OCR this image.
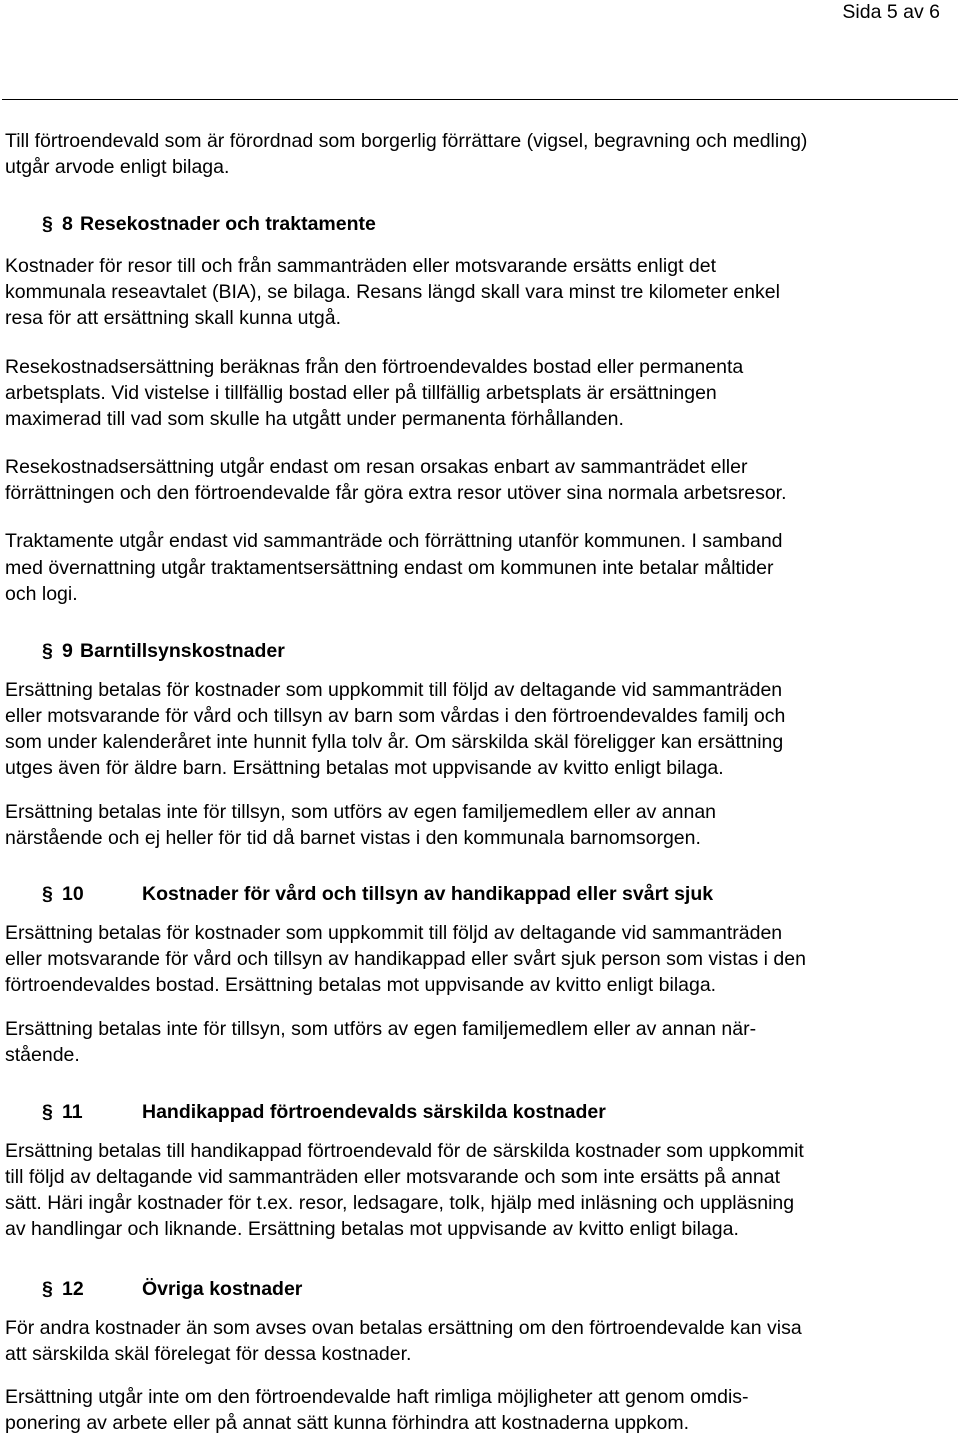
Sida 5 av 6
Till förtroendevald som är förordnad som borgerlig förrättare (vigsel, begravning och medling)
utgår arvode enligt bilaga.
§ 8 Resekostnader och traktamente
Kostnader för resor till och från sammanträden eller motsvarande ersätts enligt det
kommunala reseavtalet (BIA), se bilaga. Resans längd skall vara minst tre kilometer enkel
resa för att ersättning skall kunna utgå.
Resekostnadsersättning beräknas från den förtroendevaldes bostad eller permanenta
arbetsplats. Vid vistelse i tillfällig bostad eller på tillfällig arbetsplats är ersättningen
maximerad till vad som skulle ha utgått under permanenta förhållanden.
Resekostnadsersättning utgår endast om resan orsakas enbart av sammanträdet eller
förrättningen och den förtroendevalde får göra extra resor utöver sina normala arbetsresor.
Traktamente utgår endast vid sammanträde och förrättning utanför kommunen. I samband
med övernattning utgår traktamentsersättning endast om kommunen inte betalar måltider
och logi.
§ 9 Barntillsynskostnader
Ersättning betalas för kostnader som uppkommit till följd av deltagande vid sammanträden
eller motsvarande för vård och tillsyn av barn som vårdas i den förtroendevaldes familj och
som under kalenderåret inte hunnit fylla tolv år. Om särskilda skäl föreligger kan ersättning
utges även för äldre barn. Ersättning betalas mot uppvisande av kvitto enligt bilaga.
Ersättning betalas inte för tillsyn, som utförs av egen familjemedlem eller av annan
närstående och ej heller för tid då barnet vistas i den kommunala barnomsorgen.
§ 10	Kostnader för vård och tillsyn av handikappad eller svårt sjuk
Ersättning betalas för kostnader som uppkommit till följd av deltagande vid sammanträden
eller motsvarande för vård och tillsyn av handikappad eller svårt sjuk person som vistas i den
förtroendevaldes bostad. Ersättning betalas mot uppvisande av kvitto enligt bilaga.
Ersättning betalas inte för tillsyn, som utförs av egen familjemedlem eller av annan när-
stående.
§ 11	Handikappad förtroendevalds särskilda kostnader
Ersättning betalas till handikappad förtroendevald för de särskilda kostnader som uppkommit
till följd av deltagande vid sammanträden eller motsvarande och som inte ersätts på annat
sätt. Häri ingår kostnader för t.ex. resor, ledsagare, tolk, hjälp med inläsning och uppläsning
av handlingar och liknande. Ersättning betalas mot uppvisande av kvitto enligt bilaga.
§ 12	Övriga kostnader
För andra kostnader än som avses ovan betalas ersättning om den förtroendevalde kan visa
att särskilda skäl förelegat för dessa kostnader.
Ersättning utgår inte om den förtroendevalde haft rimliga möjligheter att genom omdis-
ponering av arbete eller på annat sätt kunna förhindra att kostnaderna uppkom.
